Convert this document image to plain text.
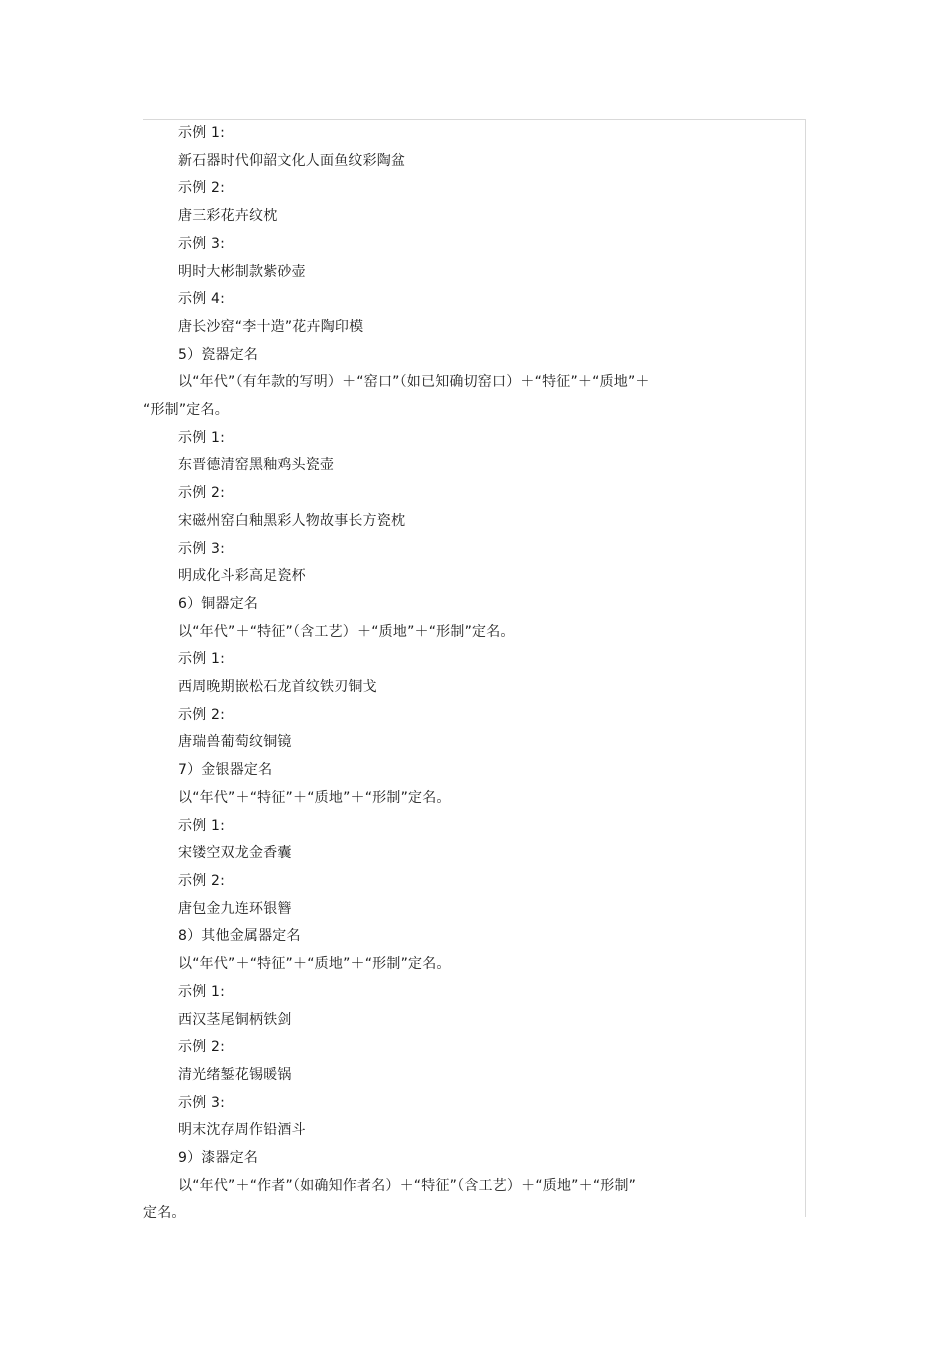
示例 1:
新石器时代仰韶文化人面鱼纹彩陶盆
示例 2:
唐三彩花卉纹枕
示例 3:
明时大彬制款紫砂壶
示例 4:
唐长沙窑“李十造”花卉陶印模
5）瓷器定名
以“年代”（有年款的写明）＋“窑口”（如已知确切窑口）＋“特征”＋“质地”＋
“形制”定名。
示例 1:
东晋德清窑黑釉鸡头瓷壶
示例 2:
宋磁州窑白釉黑彩人物故事长方瓷枕
示例 3:
明成化斗彩高足瓷杯
6）铜器定名
以“年代”＋“特征”（含工艺）＋“质地”＋“形制”定名。
示例 1:
西周晚期嵌松石龙首纹铁刃铜戈
示例 2:
唐瑞兽葡萄纹铜镜
7）金银器定名
以“年代”＋“特征”＋“质地”＋“形制”定名。
示例 1:
宋镂空双龙金香囊
示例 2:
唐包金九连环银簪
8）其他金属器定名
以“年代”＋“特征”＋“质地”＋“形制”定名。
示例 1:
西汉茎尾铜柄铁剑
示例 2:
清光绪錾花锡暖锅
示例 3:
明末沈存周作铅酒斗
9）漆器定名
以“年代”＋“作者”（如确知作者名）＋“特征”（含工艺）＋“质地”＋“形制”
定名。
